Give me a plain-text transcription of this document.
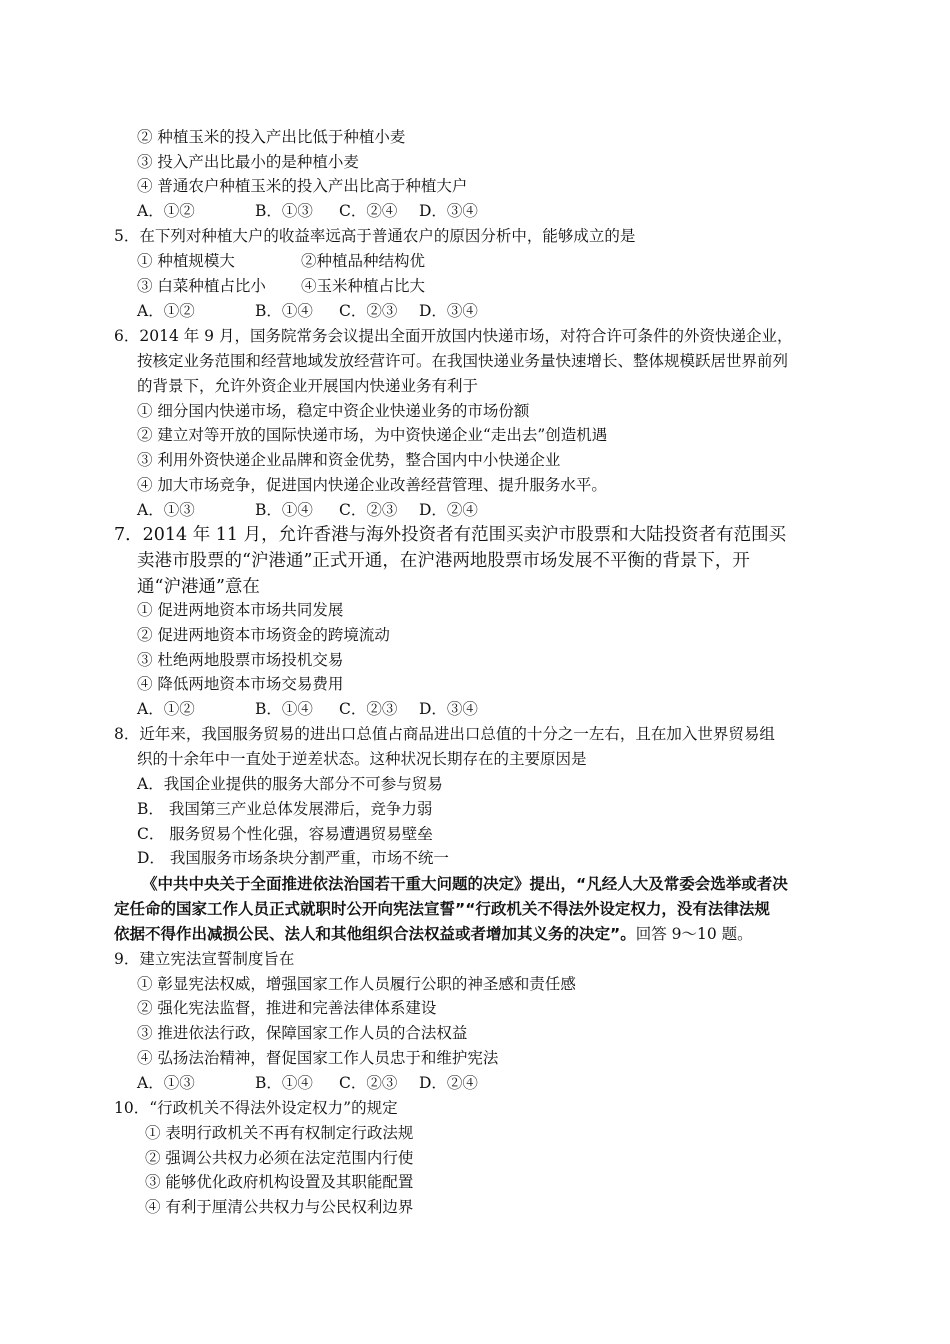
② 种植玉米的投入产出比低于种植小麦
③ 投入产出比最小的是种植小麦
④ 普通农户种植玉米的投入产出比高于种植大户
A．①②	B．①③ C．②④ D．③④
5．在下列对种植大户的收益率远高于普通农户的原因分析中，能够成立的是
① 种植规模大	②种植品种结构优
③ 白菜种植占比小 ④玉米种植占比大
A．①②	B．①④ C．②③ D．③④
6．2014 年 9 月，国务院常务会议提出全面开放国内快递市场，对符合许可条件的外资快递企业，
按核定业务范围和经营地域发放经营许可。在我国快递业务量快速增长、整体规模跃居世界前列
的背景下，允许外资企业开展国内快递业务有利于
① 细分国内快递市场，稳定中资企业快递业务的市场份额
② 建立对等开放的国际快递市场，为中资快递企业“走出去”创造机遇
③ 利用外资快递企业品牌和资金优势，整合国内中小快递企业
④ 加大市场竞争，促进国内快递企业改善经营管理、提升服务水平。
A．①③	B．①④ C．②③ D．②④
7．2014 年 11 月，允许香港与海外投资者有范围买卖沪市股票和大陆投资者有范围买
卖港市股票的“沪港通”正式开通，在沪港两地股票市场发展不平衡的背景下，开
通“沪港通”意在
① 促进两地资本市场共同发展
② 促进两地资本市场资金的跨境流动
③ 杜绝两地股票市场投机交易
④ 降低两地资本市场交易费用
A．①②	B．①④ C．②③ D．③④
8．近年来，我国服务贸易的进出口总值占商品进出口总值的十分之一左右，且在加入世界贸易组
织的十余年中一直处于逆差状态。这种状况长期存在的主要原因是
A．我国企业提供的服务大部分不可参与贸易
B． 我国第三产业总体发展滞后，竞争力弱
C． 服务贸易个性化强，容易遭遇贸易壁垒
D． 我国服务市场条块分割严重，市场不统一
《中共中央关于全面推进依法治国若干重大问题的决定》提出，“凡经人大及常委会选举或者决
定任命的国家工作人员正式就职时公开向宪法宣誓”“行政机关不得法外设定权力，没有法律法规
依据不得作出减损公民、法人和其他组织合法权益或者增加其义务的决定”。回答 9～10 题。
9．建立宪法宣誓制度旨在
① 彰显宪法权威，增强国家工作人员履行公职的神圣感和责任感
② 强化宪法监督，推进和完善法律体系建设
③ 推进依法行政，保障国家工作人员的合法权益
④ 弘扬法治精神，督促国家工作人员忠于和维护宪法
A．①③	B．①④ C．②③ D．②④
10．“行政机关不得法外设定权力”的规定
① 表明行政机关不再有权制定行政法规
② 强调公共权力必须在法定范围内行使
③ 能够优化政府机构设置及其职能配置
④ 有利于厘清公共权力与公民权利边界
